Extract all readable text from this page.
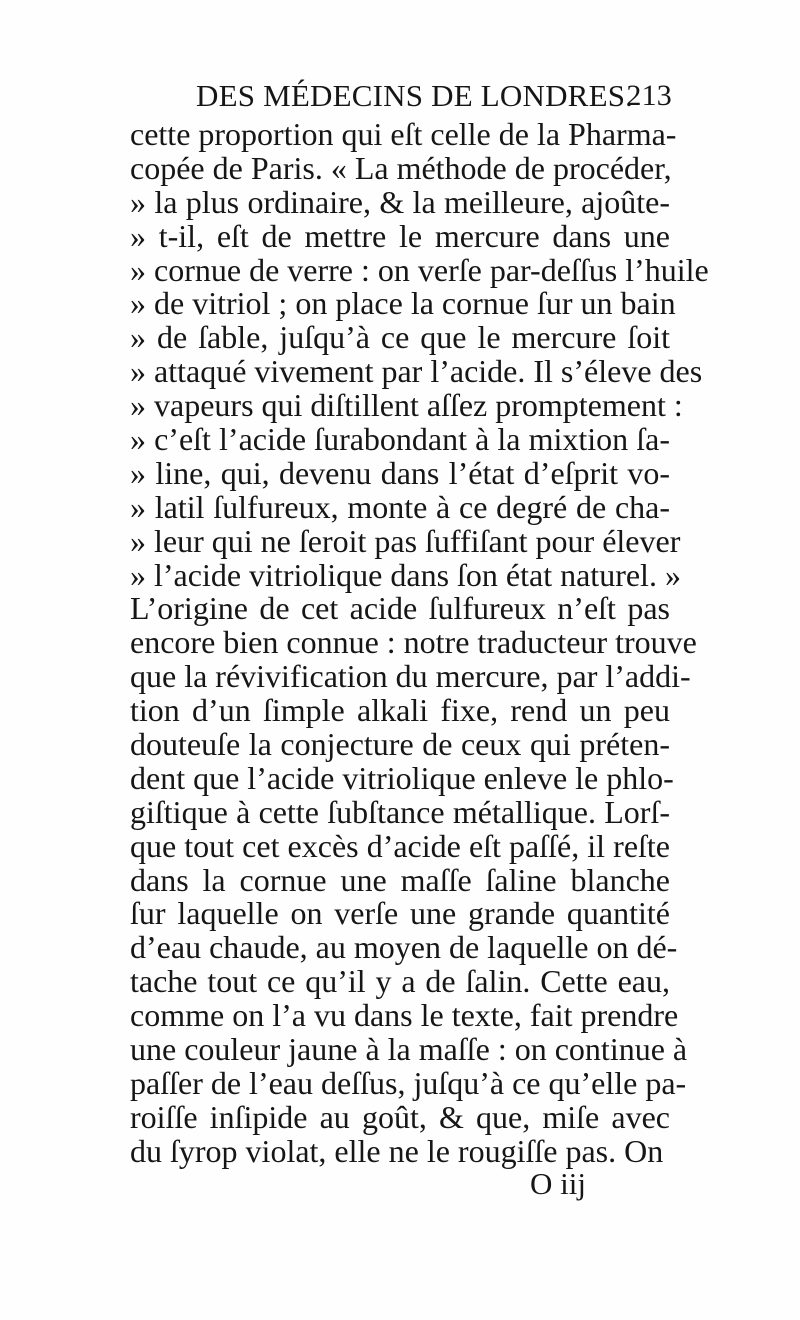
DES MÉDECINS DE LONDRES.
213
cette proportion qui eſt celle de la Pharma-
copée de Paris. « La méthode de procéder,
» la plus ordinaire, & la meilleure, ajoûte-
» t-il, eſt de mettre le mercure dans une
» cornue de verre : on verſe par-deſſus l’huile
» de vitriol ; on place la cornue ſur un bain
» de ſable, juſqu’à ce que le mercure ſoit
» attaqué vivement par l’acide. Il s’éleve des
» vapeurs qui diſtillent aſſez promptement :
» c’eſt l’acide ſurabondant à la mixtion ſa-
» line, qui, devenu dans l’état d’eſprit vo-
» latil ſulfureux, monte à ce degré de cha-
» leur qui ne ſeroit pas ſuffiſant pour élever
» l’acide vitriolique dans ſon état naturel. »
L’origine de cet acide ſulfureux n’eſt pas
encore bien connue : notre traducteur trouve
que la révivification du mercure, par l’addi-
tion d’un ſimple alkali fixe, rend un peu
douteuſe la conjecture de ceux qui préten-
dent que l’acide vitriolique enleve le phlo-
giſtique à cette ſubſtance métallique. Lorſ-
que tout cet excès d’acide eſt paſſé, il reſte
dans la cornue une maſſe ſaline blanche
ſur laquelle on verſe une grande quantité
d’eau chaude, au moyen de laquelle on dé-
tache tout ce qu’il y a de ſalin. Cette eau,
comme on l’a vu dans le texte, fait prendre
une couleur jaune à la maſſe : on continue à
paſſer de l’eau deſſus, juſqu’à ce qu’elle pa-
roiſſe inſipide au goût, & que, miſe avec
du ſyrop violat, elle ne le rougiſſe pas. On
O iij
